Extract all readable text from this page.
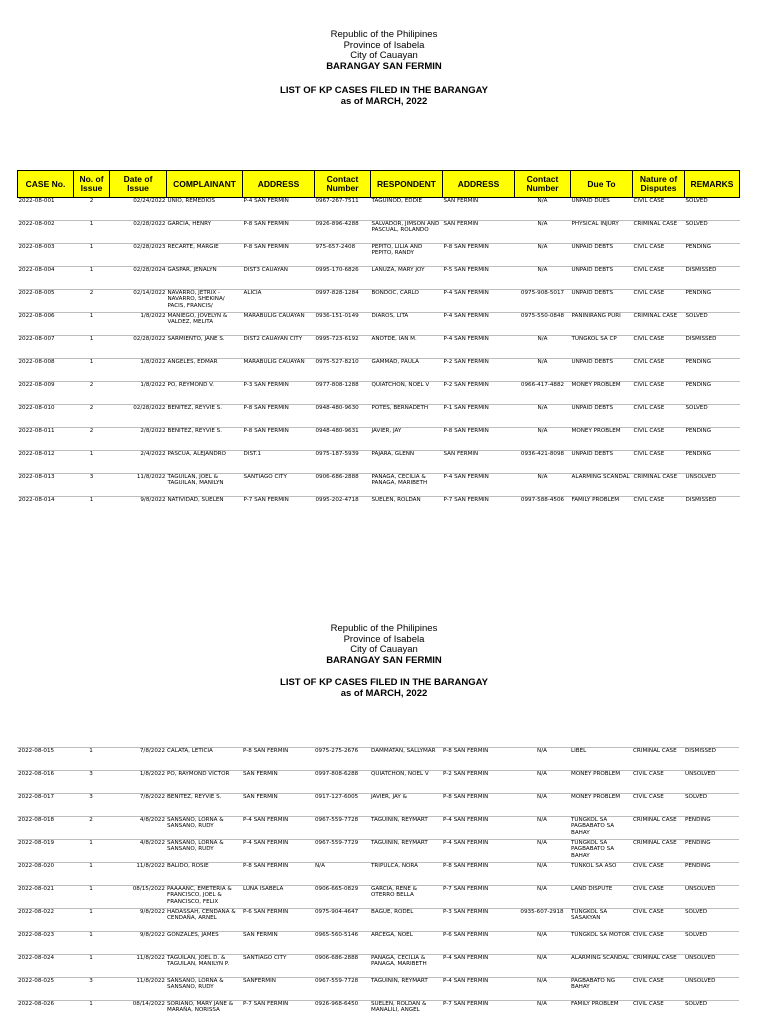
Republic of the Philipines
Province of Isabela
City of Cauayan
BARANGAY SAN FERMIN
LIST OF KP CASES FILED IN THE BARANGAY
as of MARCH, 2022
CASE No.	No. of Issue	Date of Issue	COMPLAINANT	ADDRESS	Contact Number	RESPONDENT	ADDRESS	Contact Number	Due To	Nature of Disputes	REMARKS
2022-08-001	2	02/24/2022	UNIO, REMEDIOS	P-4 SAN FERMIN	0967-267-7511	TAGUINOD, EDDIE	SAN FERMIN	N/A	UNPAID DUES	CIVIL CASE	SOLVED
2022-08-002	1	02/28/2022	GARCIA, HENRY	P-8 SAN FERMIN	0926-896-4288	SALVADOR, JIMSON AND PASCUAL, ROLANDO	SAN FERMIN	N/A	PHYSICAL INJURY	CRIMINAL CASE	SOLVED
2022-08-003	1	02/28/2023	RECARTE, MARGIE	P-8 SAN FERMIN	975-657-2408	PEPITO, LILIA AND PEPITO, RANDY	P-8 SAN FERMIN	N/A	UNPAID DEBTS	CIVIL CASE	PENDING
2022-08-004	1	02/28/2024	GASPAR, JENALYN	DIST3 CAUAYAN	0995-170-6826	LANUZA, MARY JOY	P-5 SAN FERMIN	N/A	UNPAID DEBTS	CIVIL CASE	DISMISSED
2022-08-005	2	02/14/2022	NAVARRO, JETRIX - NAVARRO, SHEKINA/ PACIS, FRANCIS/	ALICIA	0997-828-1284	BONDOC, CARLO	P-4 SAN FERMIN	0975-908-5017	UNPAID DEBTS	CIVIL CASE	PENDING
2022-08-006	1	1/8/2022	MANIEGO, JOVELYN & VALDEZ, MELITA	MARABULIG CAUAYAN	0936-151-0149	DIAROS, LITA	P-4 SAN FERMIN	0975-550-0848	PANINIRANG PURI	CRIMINAL CASE	SOLVED
2022-08-007	1	02/28/2022	SARMIENTO, JANE S.	DIST2 CAUAYAN CITY	0995-723-6192	ANOTDE, IAN M.	P-4 SAN FERMIN	N/A	TUNGKOL SA CP	CIVIL CASE	DISMISSED
2022-08-008	1	1/8/2022	ANGELES, EDMAR	MARABULIG CAUAYAN	0975-527-8210	GAMMAD, PAULA	P-2 SAN FERMIN	N/A	UNPAID DEBTS	CIVIL CASE	PENDING
2022-08-009	2	1/8/2022	PO, REYMOND V.	P-3 SAN FERMIN	0977-808-1288	QUIATCHON, NOEL V	P-2 SAN FERMIN	0966-417-4882	MONEY PROBLEM	CIVIL CASE	PENDING
2022-08-010	2	02/28/2022	BENITEZ, REYVIE S.	P-8 SAN FERMIN	0948-480-9630	POTES, BERNADETH	P-1 SAN FERMIN	N/A	UNPAID DEBTS	CIVIL CASE	SOLVED
2022-08-011	2	2/8/2022	BENITEZ, REYVIE S.	P-8 SAN FERMIN	0948-480-9631	JAVIER, JAY	P-8 SAN FERMIN	N/A	MONEY PROBLEM	CIVIL CASE	PENDING
2022-08-012	1	2/4/2022	PASCUA, ALEJANDRO	DIST.1	0975-187-5939	PAJARA, GLENN	SAN FERMIN	0936-421-8098	UNPAID DEBTS	CIVIL CASE	PENDING
2022-08-013	3	11/8/2022	TAGUILAN, JOEL & TAGUILAN, MANILYN	SANTIAGO CITY	0906-686-2888	PANAGA, CECILIA & PANAGA, MARIBETH	P-4 SAN FERMIN	N/A	ALARMING SCANDAL	CRIMINAL CASE	UNSOLVED
2022-08-014	1	9/8/2022	NATIVIDAD, SUELEN	P-7 SAN FERMIN	0995-202-4718	SUELEN, ROLDAN	P-7 SAN FERMIN	0997-588-4506	FAMILY PROBLEM	CIVIL CASE	DISMISSED
Republic of the Philipines
Province of Isabela
City of Cauayan
BARANGAY SAN FERMIN
LIST OF KP CASES FILED IN THE BARANGAY
as of MARCH, 2022
2022-08-015	1	7/8/2022	CALATA, LETICIA	P-8 SAN FERMIN	0975-275-2676	DAMMATAN, SALLYMAR	P-8 SAN FERMIN	N/A	LIBEL	CRIMINAL CASE	DISMISSED
2022-08-016	3	1/8/2022	PO, RAYMOND VICTOR	SAN FERMIN	0997-808-6288	QUIATCHON, NOEL V	P-2 SAN FERMIN	N/A	MONEY PROBLEM	CIVIL CASE	UNSOLVED
2022-08-017	3	7/8/2022	BENITEZ, REYVIE S.	SAN FERMIN	0917-127-6005	JAVIER, JAY &	P-8 SAN FERMIN	N/A	MONEY PROBLEM	CIVIL CASE	SOLVED
2022-08-018	2	4/8/2022	SANSANO, LORNA & SANSANO, RUDY	P-4 SAN FERMIN	0967-559-7728	TAGUININ, REYMART	P-4 SAN FERMIN	N/A	TUNGKOL SA PAGBABATO SA BAHAY	CRIMINAL CASE	PENDING
2022-08-019	1	4/8/2022	SANSANO, LORNA & SANSANO, RUDY	P-4 SAN FERMIN	0967-559-7729	TAGUININ, REYMART	P-4 SAN FERMIN	N/A	TUNGKOL SA PAGBABATO SA BAHAY	CRIMINAL CASE	PENDING
2022-08-020	1	11/8/2022	BALIDO, ROSIE	P-8 SAN FERMIN	N/A	TRIPULCA, NORA	P-8 SAN FERMIN	N/A	TUNKOL SA ASO	CIVIL CASE	PENDING
2022-08-021	1	08/15/2022	PAAAANC, EMETERIA & FRANCISCO, JOEL & FRANCISCO, FELIX	LUNA ISABELA	0906-665-0829	GARCIA, RENE & OTERRO BELLA	P-7 SAN FERMIN	N/A	LAND DISPUTE	CIVIL CASE	UNSOLVED
2022-08-022	1	9/8/2022	HADASSAH, CENDAÑA & CENDAÑA, ARNEL	P-6 SAN FERMIN	0975-904-4647	BAGUE, RODEL	P-3 SAN FERMIN	0935-607-2918	TUNGKOL SA SASAKYAN	CIVIL CASE	SOLVED
2022-08-023	1	9/8/2022	GONZALES, JAMES	SAN FERMIN	0965-560-5146	ARCEGA, NOEL	P-6 SAN FERMIN	N/A	TUNGKOL SA MOTOR	CIVIL CASE	SOLVED
2022-08-024	1	11/8/2022	TAGUILAN, JOEL D. & TAGUILAN, MANILYN P.	SANTIAGO CITY	0906-686-2888	PANAGA, CECILIA & PANAGA, MARIBETH	P-4 SAN FERMIN	N/A	ALARMING SCANDAL	CRIMINAL CASE	UNSOLVED
2022-08-025	3	11/8/2022	SANSANO, LORNA & SANSANO, RUDY	SANFERMIN	0967-559-7728	TAGUININ, REYMART	P-4 SAN FERMIN	N/A	PAGBABATO NG BAHAY	CIVIL CASE	UNSOLVED
2022-08-026	1	08/14/2022	SORIANO, MARY JANE & MARAÑA, NORISSA	P-7 SAN FERMIN	0926-968-6450	SUELEN, ROLDAN & MANALILI, ANGEL	P-7 SAN FERMIN	N/A	FAMILY PROBLEM	CIVIL CASE	SOLVED
